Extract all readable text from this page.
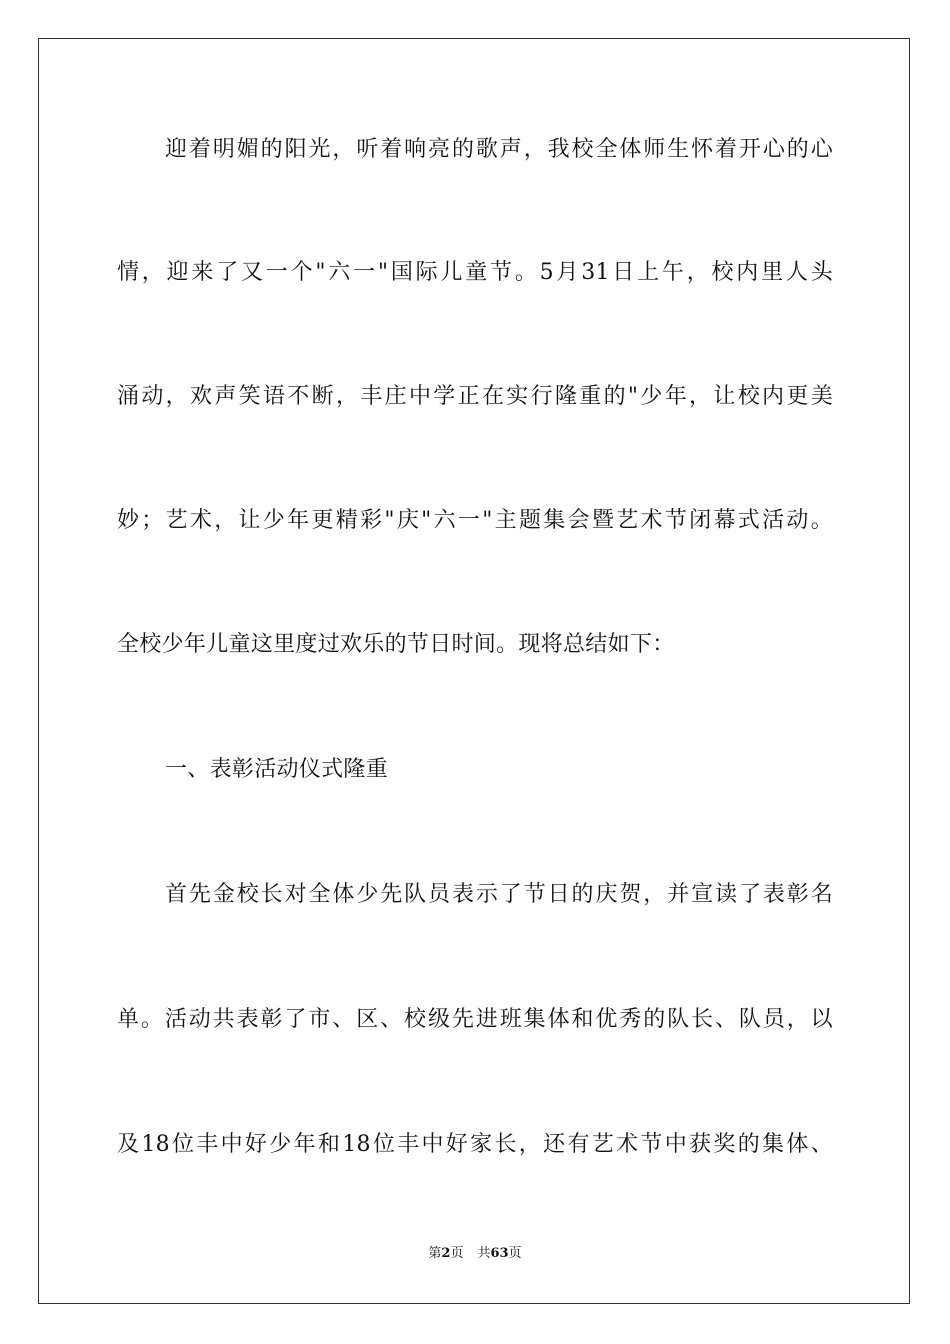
迎着明媚的阳光，听着响亮的歌声，我校全体师生怀着开心的心
情，迎来了又一个"六一"国际儿童节。5月31日上午，校内里人头
涌动，欢声笑语不断，丰庄中学正在实行隆重的"少年，让校内更美
妙；艺术，让少年更精彩"庆"六一"主题集会暨艺术节闭幕式活动。
全校少年儿童这里度过欢乐的节日时间。现将总结如下：
一、表彰活动仪式隆重
首先金校长对全体少先队员表示了节日的庆贺，并宣读了表彰名
单。活动共表彰了市、区、校级先进班集体和优秀的队长、队员，以
及18位丰中好少年和18位丰中好家长，还有艺术节中获奖的集体、
第2页 共63页
